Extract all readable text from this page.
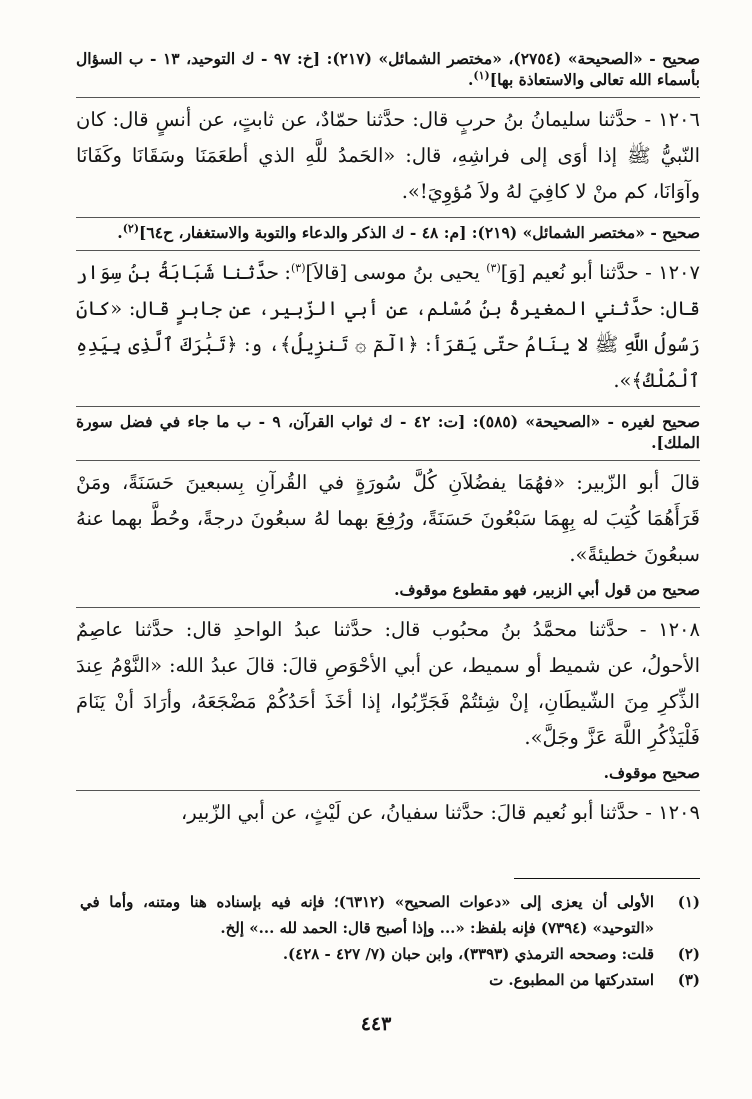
صحيح - «الصحيحة» (٢٧٥٤)، «مختصر الشمائل» (٢١٧): [خ: ٩٧ - ك التوحيد، ١٣ - ب السؤال بأسماء الله تعالى والاستعاذة بها]$^{(١)}$.

١٢٠٦ - حدَّثنا سليمانُ بنُ حربٍ قال: حدَّثنا حمّادٌ، عن ثابتٍ، عن أنسٍ قال: كان النّبيُّ ﷺ إذا أوَى إلى فراشِهِ، قال: «الحَمدُ للَّهِ الذي أطعَمَنَا وسَقَانَا وكَفَانَا وآوَانَا، كم منْ لا كافِيَ لهُ ولاَ مُؤوِيَ!».

صحيح - «مختصر الشمائل» (٢١٩): [م: ٤٨ - ك الذكر والدعاء والتوبة والاستغفار، ح٦٤]$^{(٢)}$.

١٢٠٧ - حدَّثنا أبو نُعيم [وَ]$^{(٣)}$ يحيى بنُ موسى [قالاَ]$^{(٣)}$: حدَّثنا شَبَابَةُ بنُ سِوَار قال: حدَّثني المغيرةُ بنُ مُسْلم، عن أبي الزّبير، عن جابرٍ قال: «كانَ رَسُولُ اللَّهِ ﷺ لا ينَامُ حتّى يَقرَأ: ﴿الٓمٓ ۞ تَنزِيلُ﴾، و: ﴿تَبَٰرَكَ ٱلَّذِى بِيَدِهِ ٱلْمُلْكُ﴾».

صحيح لغيره - «الصحيحة» (٥٨٥): [ت: ٤٢ - ك ثواب القرآن، ٩ - ب ما جاء في فضل سورة الملك].

قالَ أبو الزّبير: «فهُمَا يفضُلاَنِ كُلَّ سُورَةٍ في القُرآنِ بِسبعينَ حَسَنَةً، ومَنْ قَرَأَهُمَا كُتِبَ له بِهِمَا سَبْعُونَ حَسَنَةً، ورُفِعَ بهما لهُ سبعُونَ درجةً، وحُطَّ بهما عنهُ سبعُونَ خطيئةً».

صحيح من قول أبي الزبير، فهو مقطوع موقوف.

١٢٠٨ - حدَّثنا محمَّدُ بنُ محبُوب قال: حدَّثنا عبدُ الواحدِ قال: حدَّثنا عاصِمٌ الأحولُ، عن شميط أو سميط، عن أبي الأحْوَصِ قالَ: قالَ عبدُ الله: «النَّوْمُ عِندَ الذِّكرِ مِنَ الشّيطَانِ، إنْ شِئتُمْ فَجَرِّبُوا، إذا أخَذَ أحَدُكُمْ مَضْجَعَهُ، وأرَادَ أنْ يَنَامَ فَلْيَذْكُرِ اللَّهَ عَزَّ وجَلَّ».

صحيح موقوف.

١٢٠٩ - حدَّثنا أبو نُعيم قالَ: حدَّثنا سفيانُ، عن لَيْثٍ، عن أبي الزّبير،

(١)
الأولى أن يعزى إلى «دعوات الصحيح» (٦٣١٢)؛ فإنه فيه بإسناده هنا ومتنه، وأما في «التوحيد» (٧٣٩٤) فإنه بلفظ: «... وإذا أصبح قال: الحمد لله ...» إلخ.
(٢)
قلت: وصححه الترمذي (٣٣٩٣)، وابن حبان (٧/ ٤٢٧ - ٤٢٨).
(٣)
استدركتها من المطبوع. ت
٤٤٣
